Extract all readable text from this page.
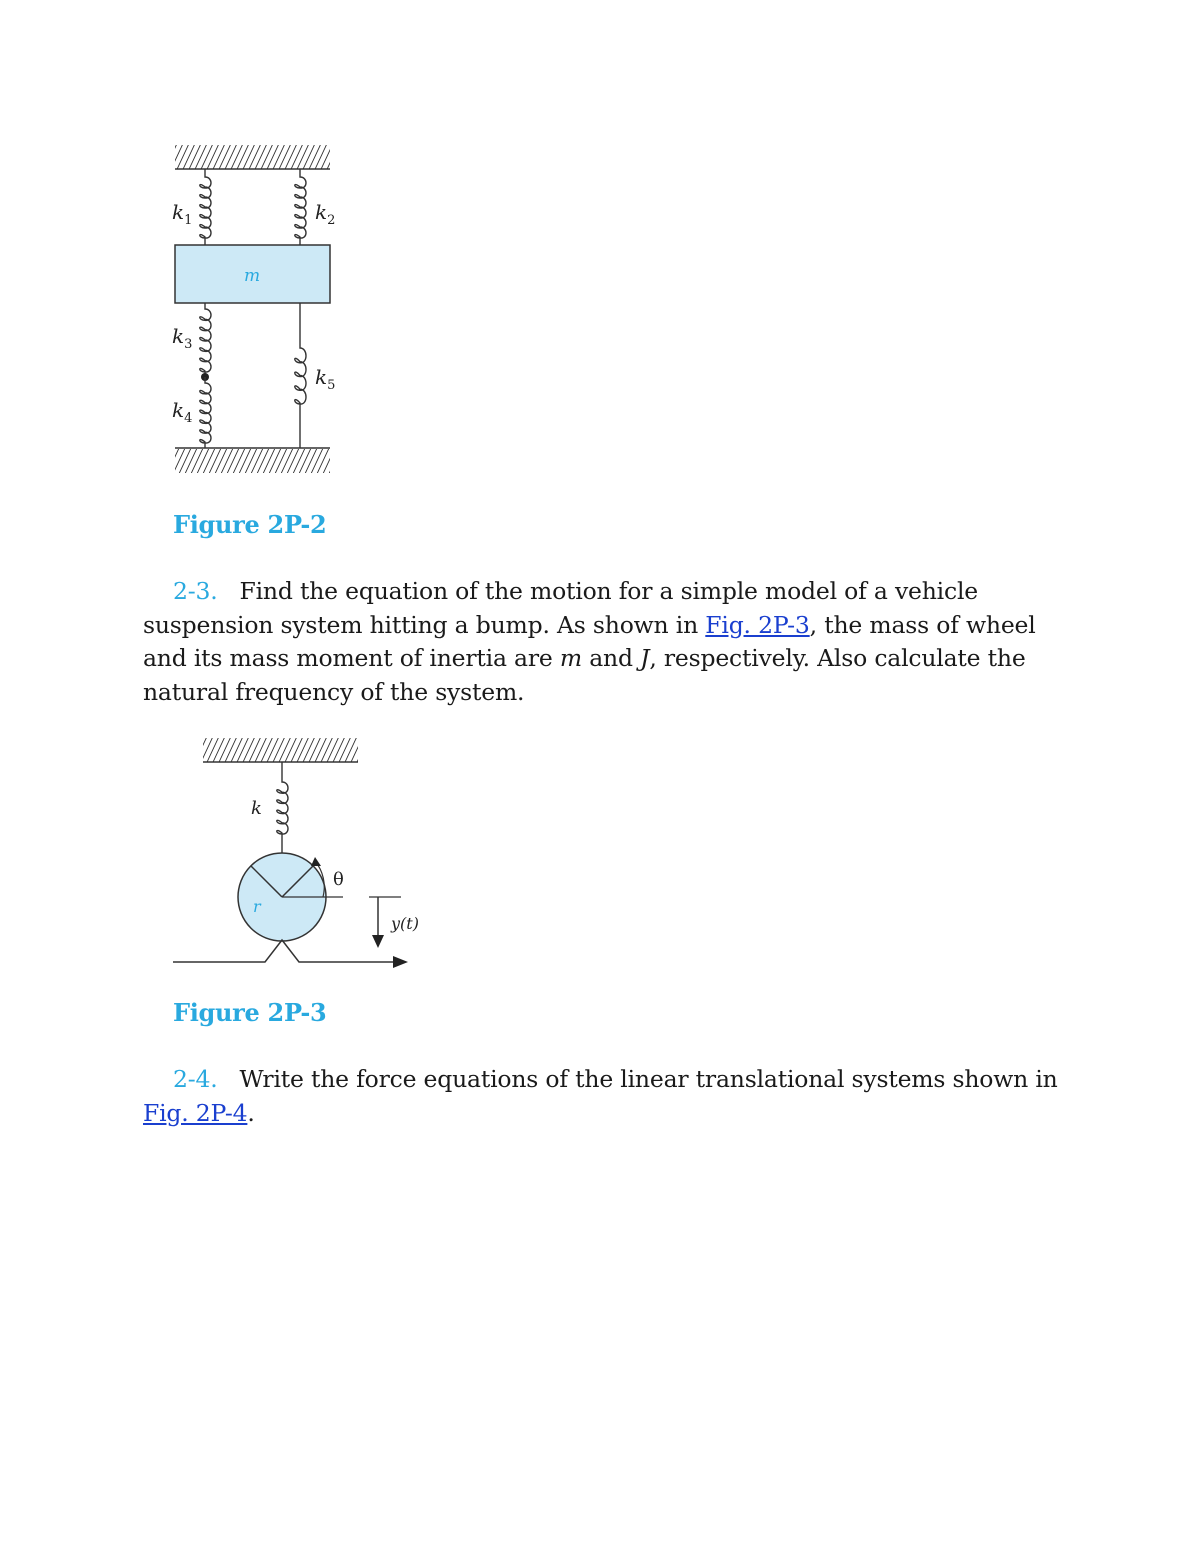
m
$k_1$	$k_2$
$k_3$
$k_4$
$k_5$

Figure 2P-2

2-3. Find the equation of the motion for a simple model of a vehicle suspension system hitting a bump. As shown in Fig. 2P-3, the mass of wheel and its mass moment of inertia are m and J, respectively. Also calculate the natural frequency of the system.

θ
r
k
y(t)

Figure 2P-3

2-4. Write the force equations of the linear translational systems shown in Fig. 2P-4.
